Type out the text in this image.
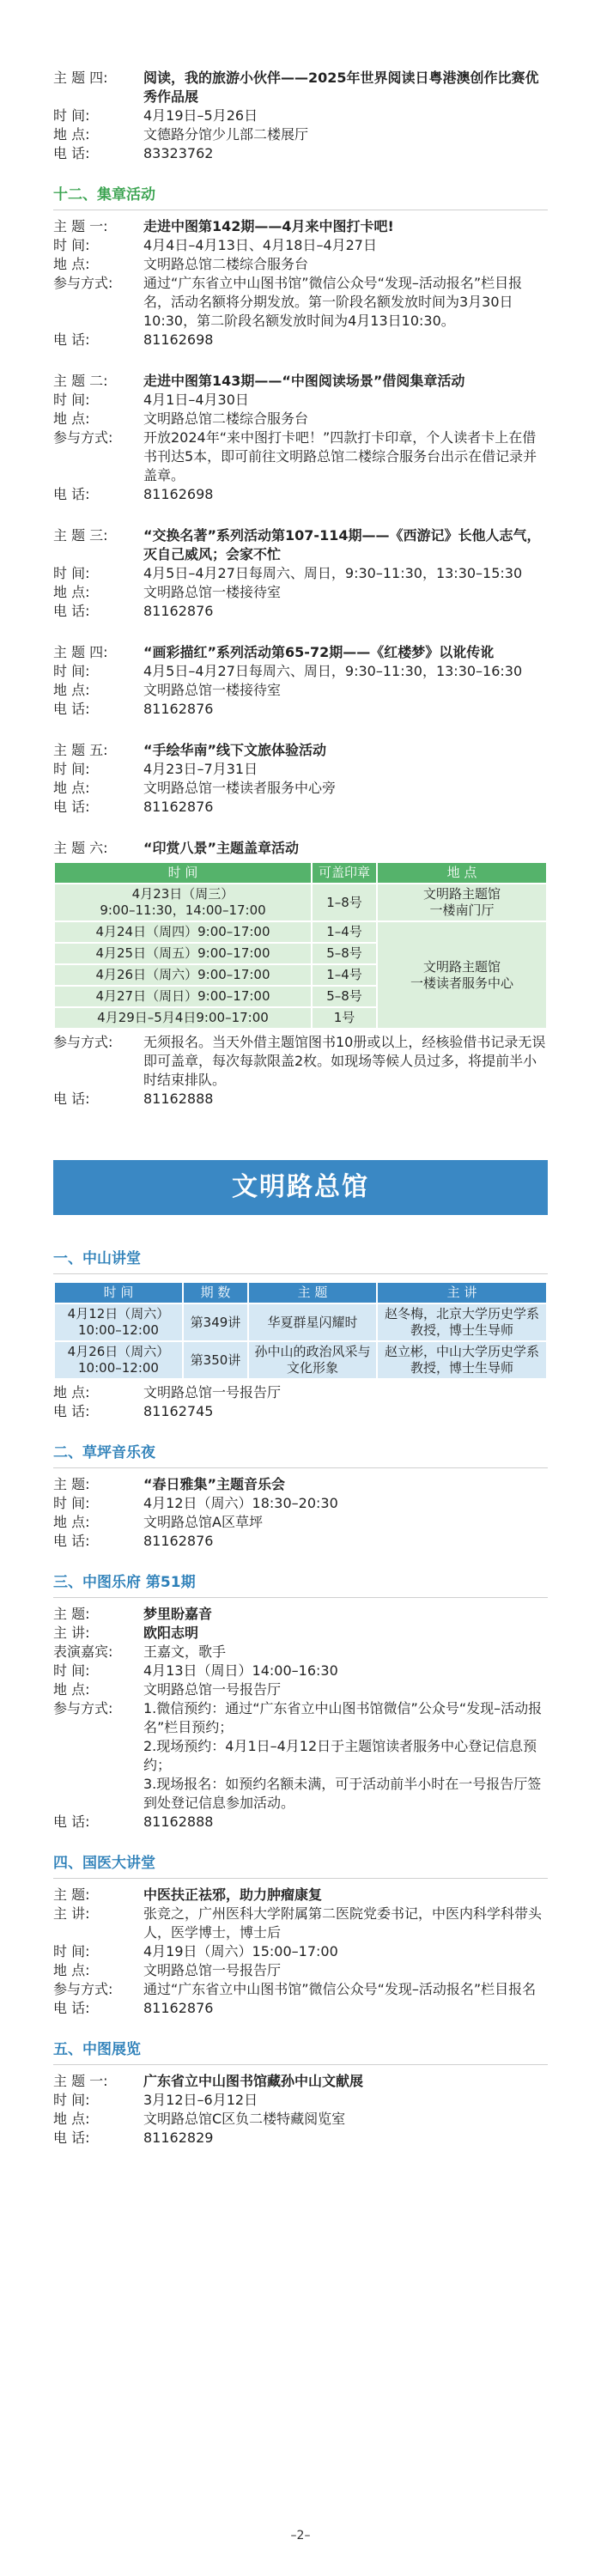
主 题 四:	阅读，我的旅游小伙伴——2025年世界阅读日粤港澳创作比赛优秀作品展
时 间:	4月19日–5月26日
地 点:	文德路分馆少儿部二楼展厅
电 话:	83323762
十二、集章活动
主 题 一:	走进中图第142期——4月来中图打卡吧!
时 间:	4月4日–4月13日、4月18日–4月27日
地 点:	文明路总馆二楼综合服务台
参与方式:	通过“广东省立中山图书馆”微信公众号“发现–活动报名”栏目报名，活动名额将分期发放。第一阶段名额发放时间为3月30日10:30，第二阶段名额发放时间为4月13日10:30。
电 话:	81162698
主 题 二:	走进中图第143期——“中图阅读场景”借阅集章活动
时 间:	4月1日–4月30日
地 点:	文明路总馆二楼综合服务台
参与方式:	开放2024年“来中图打卡吧！”四款打卡印章，个人读者卡上在借书刊达5本，即可前往文明路总馆二楼综合服务台出示在借记录并盖章。
电 话:	81162698
主 题 三:	“交换名著”系列活动第107-114期——《西游记》长他人志气，灭自己威风；会家不忙
时 间:	4月5日–4月27日每周六、周日，9:30–11:30，13:30–15:30
地 点:	文明路总馆一楼接待室
电 话:	81162876
主 题 四:	“画彩描红”系列活动第65-72期——《红楼梦》以讹传讹
时 间:	4月5日–4月27日每周六、周日，9:30–11:30，13:30–16:30
地 点:	文明路总馆一楼接待室
电 话:	81162876
主 题 五:	“手绘华南”线下文旅体验活动
时 间:	4月23日–7月31日
地 点:	文明路总馆一楼读者服务中心旁
电 话:	81162876
主 题 六:	“印赏八景”主题盖章活动
时 间	可盖印章	地 点
4月23日（周三）
9:00–11:30，14:00–17:00	1–8号	文明路主题馆
一楼南门厅
4月24日（周四）9:00–17:00	1–4号	文明路主题馆
一楼读者服务中心
4月25日（周五）9:00–17:00	5–8号	
4月26日（周六）9:00–17:00	1–4号	
4月27日（周日）9:00–17:00	5–8号	
4月29日–5月4日9:00–17:00	1号	
参与方式:	无须报名。当天外借主题馆图书10册或以上，经核验借书记录无误即可盖章，每次每款限盖2枚。如现场等候人员过多，将提前半小时结束排队。
电 话:	81162888
文明路总馆
一、中山讲堂
时 间	期 数	主 题	主 讲
4月12日（周六）
10:00–12:00	第349讲	华夏群星闪耀时	赵冬梅，北京大学历史学系教授，博士生导师
4月26日（周六）
10:00–12:00	第350讲	孙中山的政治风采与文化形象	赵立彬，中山大学历史学系教授，博士生导师
地 点:	文明路总馆一号报告厅
电 话:	81162745
二、草坪音乐夜
主 题:	“春日雅集”主题音乐会
时 间:	4月12日（周六）18:30–20:30
地 点:	文明路总馆A区草坪
电 话:	81162876
三、中图乐府 第51期
主 题:	梦里盼嘉音
主 讲:	欧阳志明
表演嘉宾:	王嘉文，歌手
时 间:	4月13日（周日）14:00–16:30
地 点:	文明路总馆一号报告厅
参与方式:	1.微信预约：通过“广东省立中山图书馆微信”公众号“发现–活动报名”栏目预约；
2.现场预约：4月1日–4月12日于主题馆读者服务中心登记信息预约；
3.现场报名：如预约名额未满，可于活动前半小时在一号报告厅签到处登记信息参加活动。
电 话:	81162888
四、国医大讲堂
主 题:	中医扶正祛邪，助力肿瘤康复
主 讲:	张竞之，广州医科大学附属第二医院党委书记，中医内科学科带头人，医学博士，博士后
时 间:	4月19日（周六）15:00–17:00
地 点:	文明路总馆一号报告厅
参与方式:	通过“广东省立中山图书馆”微信公众号“发现–活动报名”栏目报名
电 话:	81162876
五、中图展览
主 题 一:	广东省立中山图书馆藏孙中山文献展
时 间:	3月12日–6月12日
地 点:	文明路总馆C区负二楼特藏阅览室
电 话:	81162829
–2–
